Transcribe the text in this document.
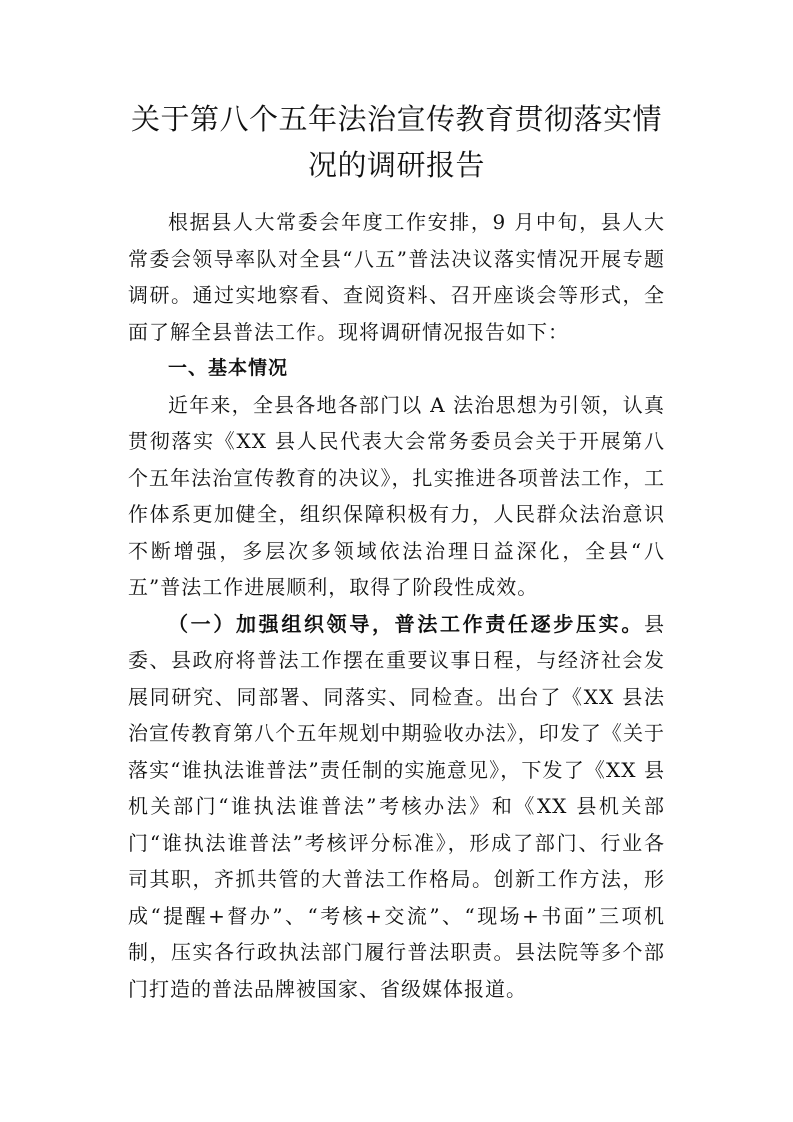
关于第八个五年法治宣传教育贯彻落实情
况的调研报告

根据县人大常委会年度工作安排，9 月中旬，县人大常委会领导率队对全县“八五”普法决议落实情况开展专题调研。通过实地察看、查阅资料、召开座谈会等形式，全面了解全县普法工作。现将调研情况报告如下：

一、基本情况

近年来，全县各地各部门以 A 法治思想为引领，认真贯彻落实《XX 县人民代表大会常务委员会关于开展第八个五年法治宣传教育的决议》，扎实推进各项普法工作，工作体系更加健全，组织保障积极有力，人民群众法治意识不断增强，多层次多领域依法治理日益深化，全县“八五”普法工作进展顺利，取得了阶段性成效。

（一）加强组织领导，普法工作责任逐步压实。县委、县政府将普法工作摆在重要议事日程，与经济社会发展同研究、同部署、同落实、同检查。出台了《XX 县法治宣传教育第八个五年规划中期验收办法》，印发了《关于落实“谁执法谁普法”责任制的实施意见》，下发了《XX 县机关部门“谁执法谁普法”考核办法》和《XX 县机关部门“谁执法谁普法”考核评分标准》，形成了部门、行业各司其职，齐抓共管的大普法工作格局。创新工作方法，形成“提醒+督办”、“考核+交流”、“现场+书面”三项机制，压实各行政执法部门履行普法职责。县法院等多个部门打造的普法品牌被国家、省级媒体报道。
